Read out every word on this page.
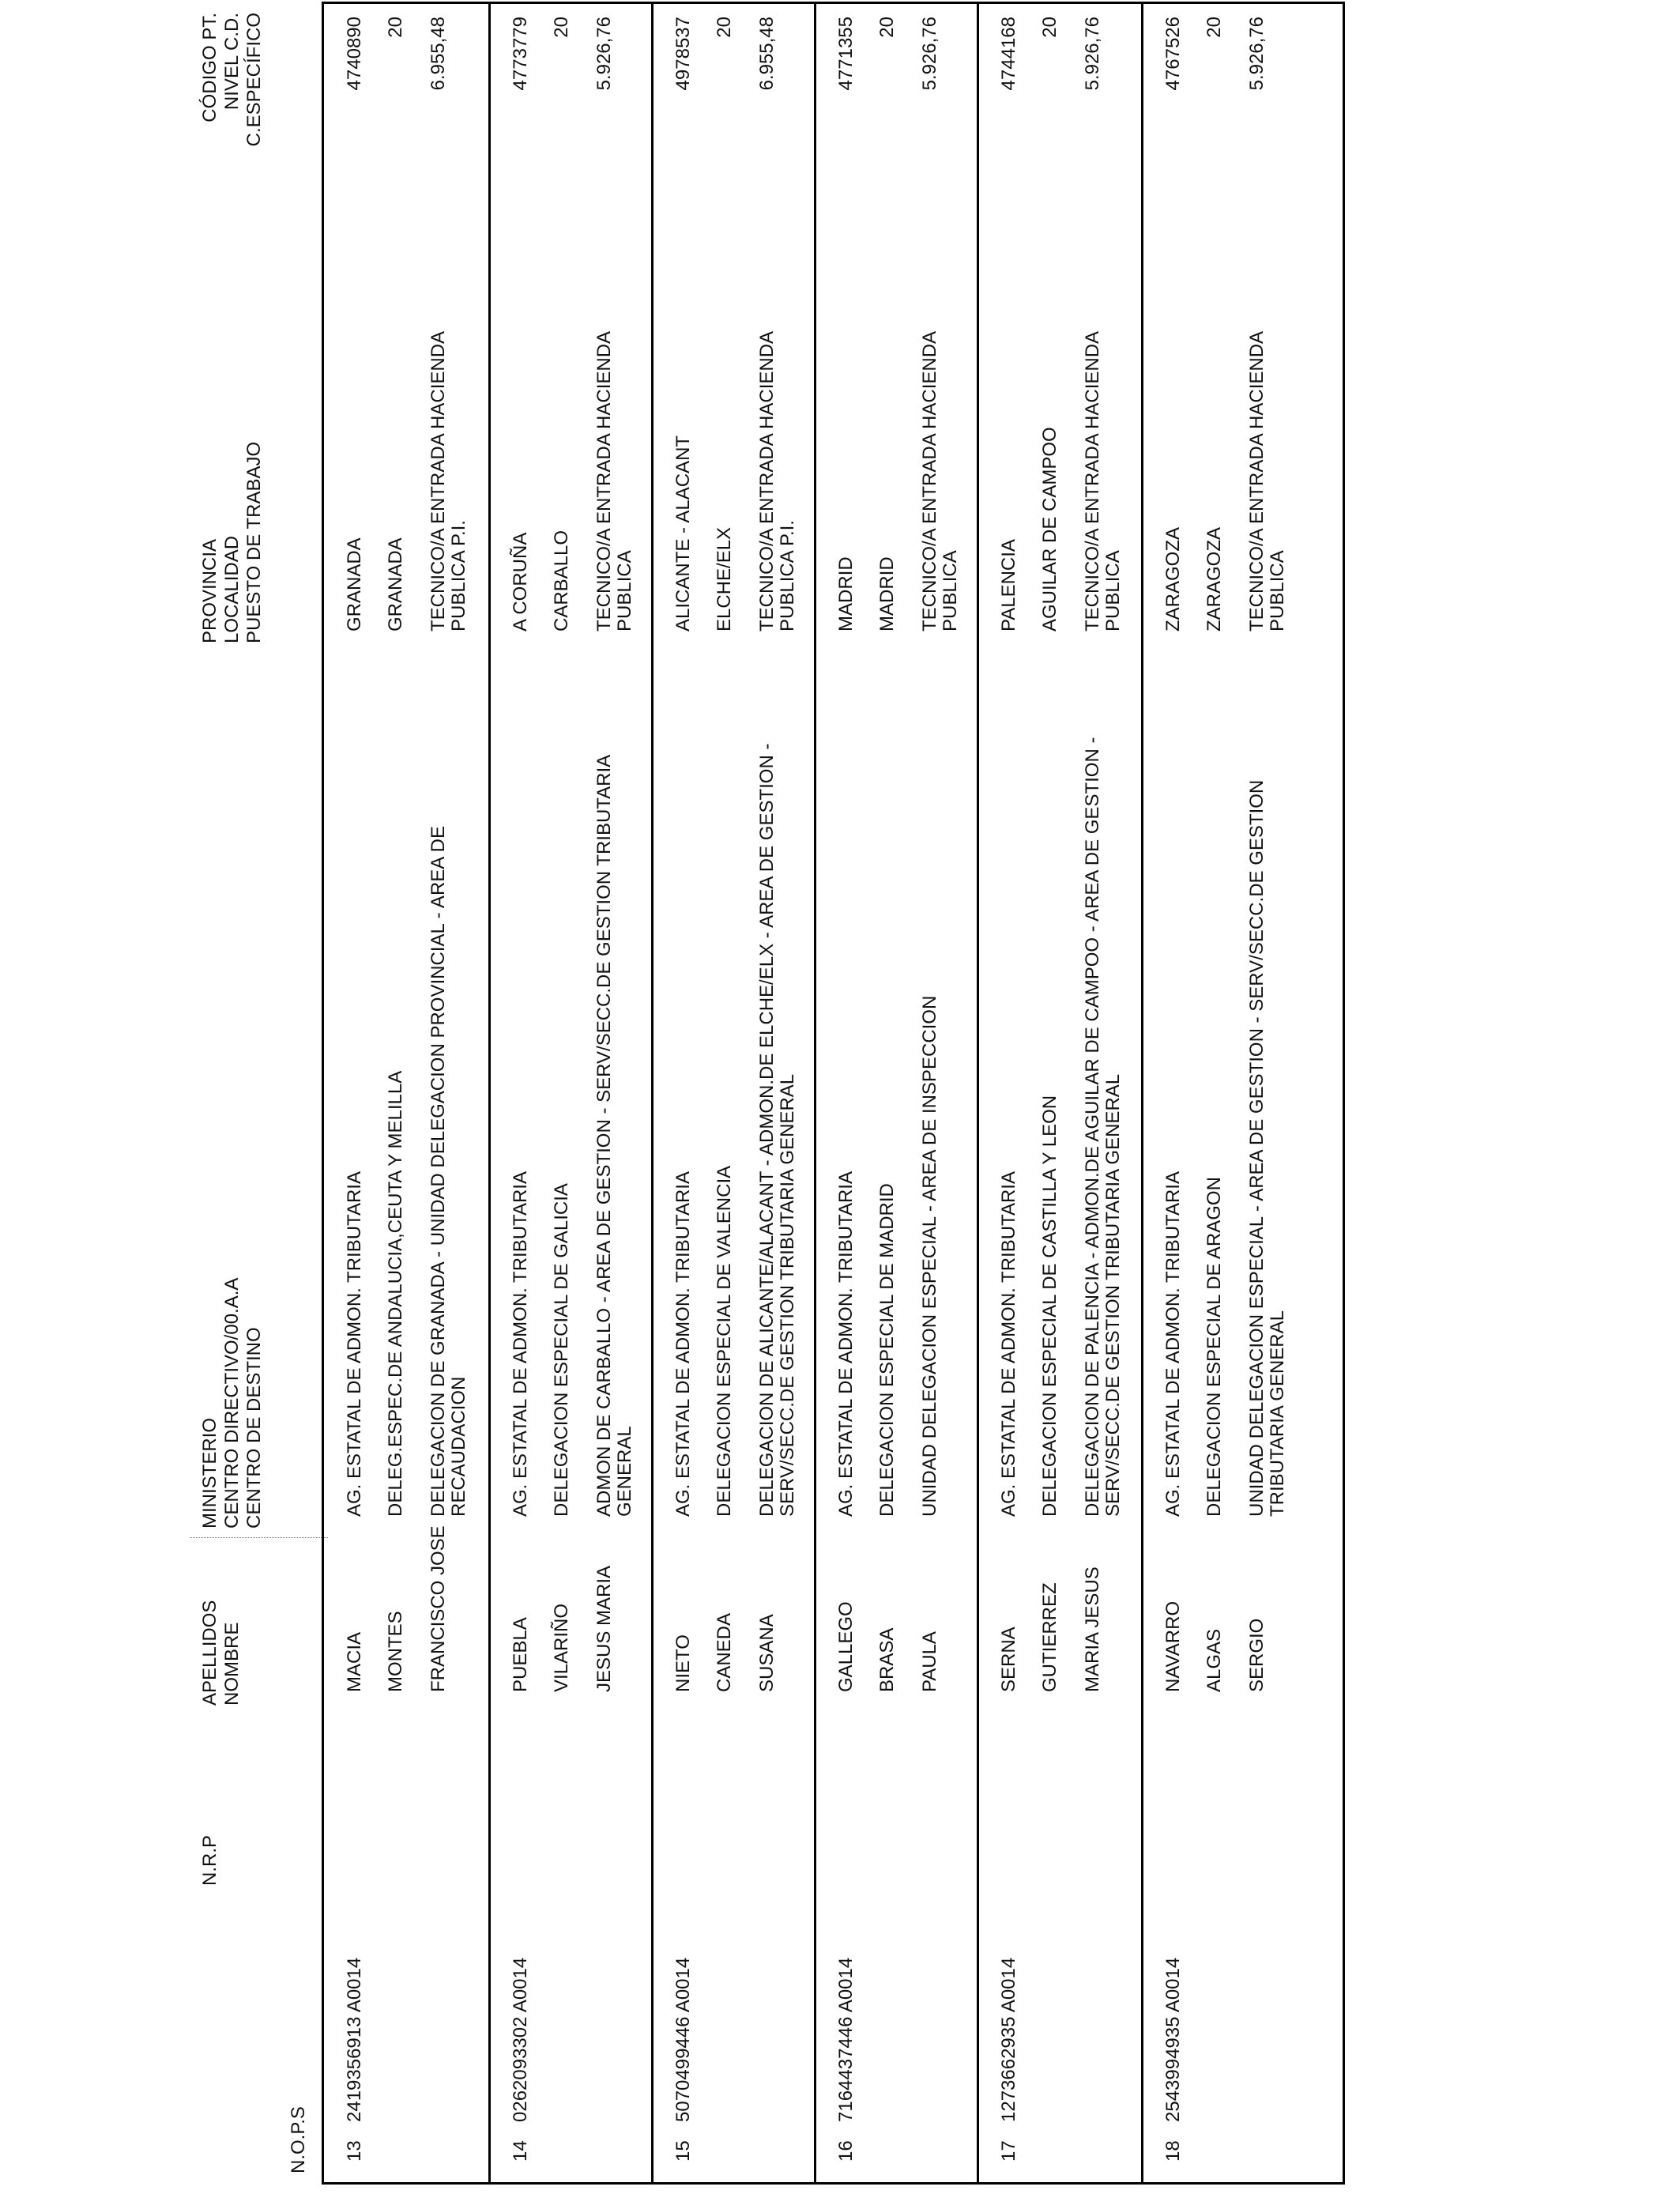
N.O.P.S
N.R.P
APELLIDOS NOMBRE
MINISTERIO CENTRO DIRECTIVO/00.A.A CENTRO DE DESTINO
PROVINCIA LOCALIDAD PUESTO DE TRABAJO
CÓDIGO PT. NIVEL C.D. C.ESPECÍFICO
13
2419356913 A0014
MACIA MONTES FRANCISCO JOSE
AG. ESTATAL DE ADMON. TRIBUTARIA DELEG.ESPEC.DE ANDALUCIA,CEUTA Y MELILLA DELEGACION DE GRANADA - UNIDAD DELEGACION PROVINCIAL - AREA DE RECAUDACION
GRANADA GRANADA TECNICO/A ENTRADA HACIENDA PUBLICA P.I.
4740890 20 6.955,48
14
0262093302 A0014
PUEBLA VILARIÑO JESUS MARIA
AG. ESTATAL DE ADMON. TRIBUTARIA DELEGACION ESPECIAL DE GALICIA ADMON DE CARBALLO - AREA DE GESTION - SERV/SECC.DE GESTION TRIBUTARIA GENERAL
A CORUÑA CARBALLO TECNICO/A ENTRADA HACIENDA PUBLICA
4773779 20 5.926,76
15
5070499446 A0014
NIETO CANEDA SUSANA
AG. ESTATAL DE ADMON. TRIBUTARIA DELEGACION ESPECIAL DE VALENCIA DELEGACION DE ALICANTE/ALACANT - ADMON.DE ELCHE/ELX - AREA DE GESTION - SERV/SECC.DE GESTION TRIBUTARIA GENERAL
ALICANTE - ALACANT ELCHE/ELX TECNICO/A ENTRADA HACIENDA PUBLICA P.I.
4978537 20 6.955,48
16
7164437446 A0014
GALLEGO BRASA PAULA
AG. ESTATAL DE ADMON. TRIBUTARIA DELEGACION ESPECIAL DE MADRID UNIDAD DELEGACION ESPECIAL - AREA DE INSPECCION
MADRID MADRID TECNICO/A ENTRADA HACIENDA PUBLICA
4771355 20 5.926,76
17
1273662935 A0014
SERNA GUTIERREZ MARIA JESUS
AG. ESTATAL DE ADMON. TRIBUTARIA DELEGACION ESPECIAL DE CASTILLA Y LEON DELEGACION DE PALENCIA - ADMON.DE AGUILAR DE CAMPOO - AREA DE GESTION - SERV/SECC.DE GESTION TRIBUTARIA GENERAL
PALENCIA AGUILAR DE CAMPOO TECNICO/A ENTRADA HACIENDA PUBLICA
4744168 20 5.926,76
18
2543994935 A0014
NAVARRO ALGAS SERGIO
AG. ESTATAL DE ADMON. TRIBUTARIA DELEGACION ESPECIAL DE ARAGON UNIDAD DELEGACION ESPECIAL - AREA DE GESTION - SERV/SECC.DE GESTION TRIBUTARIA GENERAL
ZARAGOZA ZARAGOZA TECNICO/A ENTRADA HACIENDA PUBLICA
4767526 20 5.926,76
